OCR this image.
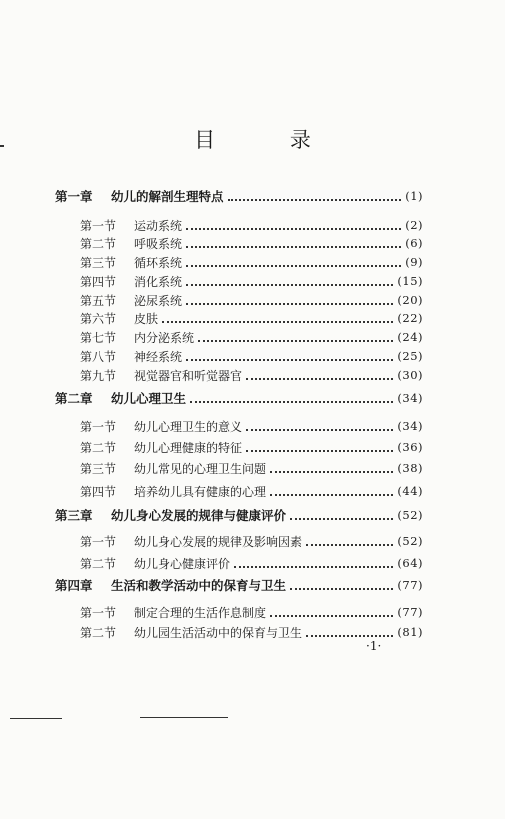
目 录
第一章	幼儿的解剖生理特点	(1)
第一节	运动系统	(2)
第二节	呼吸系统	(6)
第三节	循环系统	(9)
第四节	消化系统	(15)
第五节	泌尿系统	(20)
第六节	皮肤	(22)
第七节	内分泌系统	(24)
第八节	神经系统	(25)
第九节	视觉器官和听觉器官	(30)
第二章	幼儿心理卫生	(34)
第一节	幼儿心理卫生的意义	(34)
第二节	幼儿心理健康的特征	(36)
第三节	幼儿常见的心理卫生问题	(38)
第四节	培养幼儿具有健康的心理	(44)
第三章	幼儿身心发展的规律与健康评价	(52)
第一节	幼儿身心发展的规律及影响因素	(52)
第二节	幼儿身心健康评价	(64)
第四章	生活和教学活动中的保育与卫生	(77)
第一节	制定合理的生活作息制度	(77)
第二节	幼儿园生活活动中的保育与卫生	(81)
·1·
